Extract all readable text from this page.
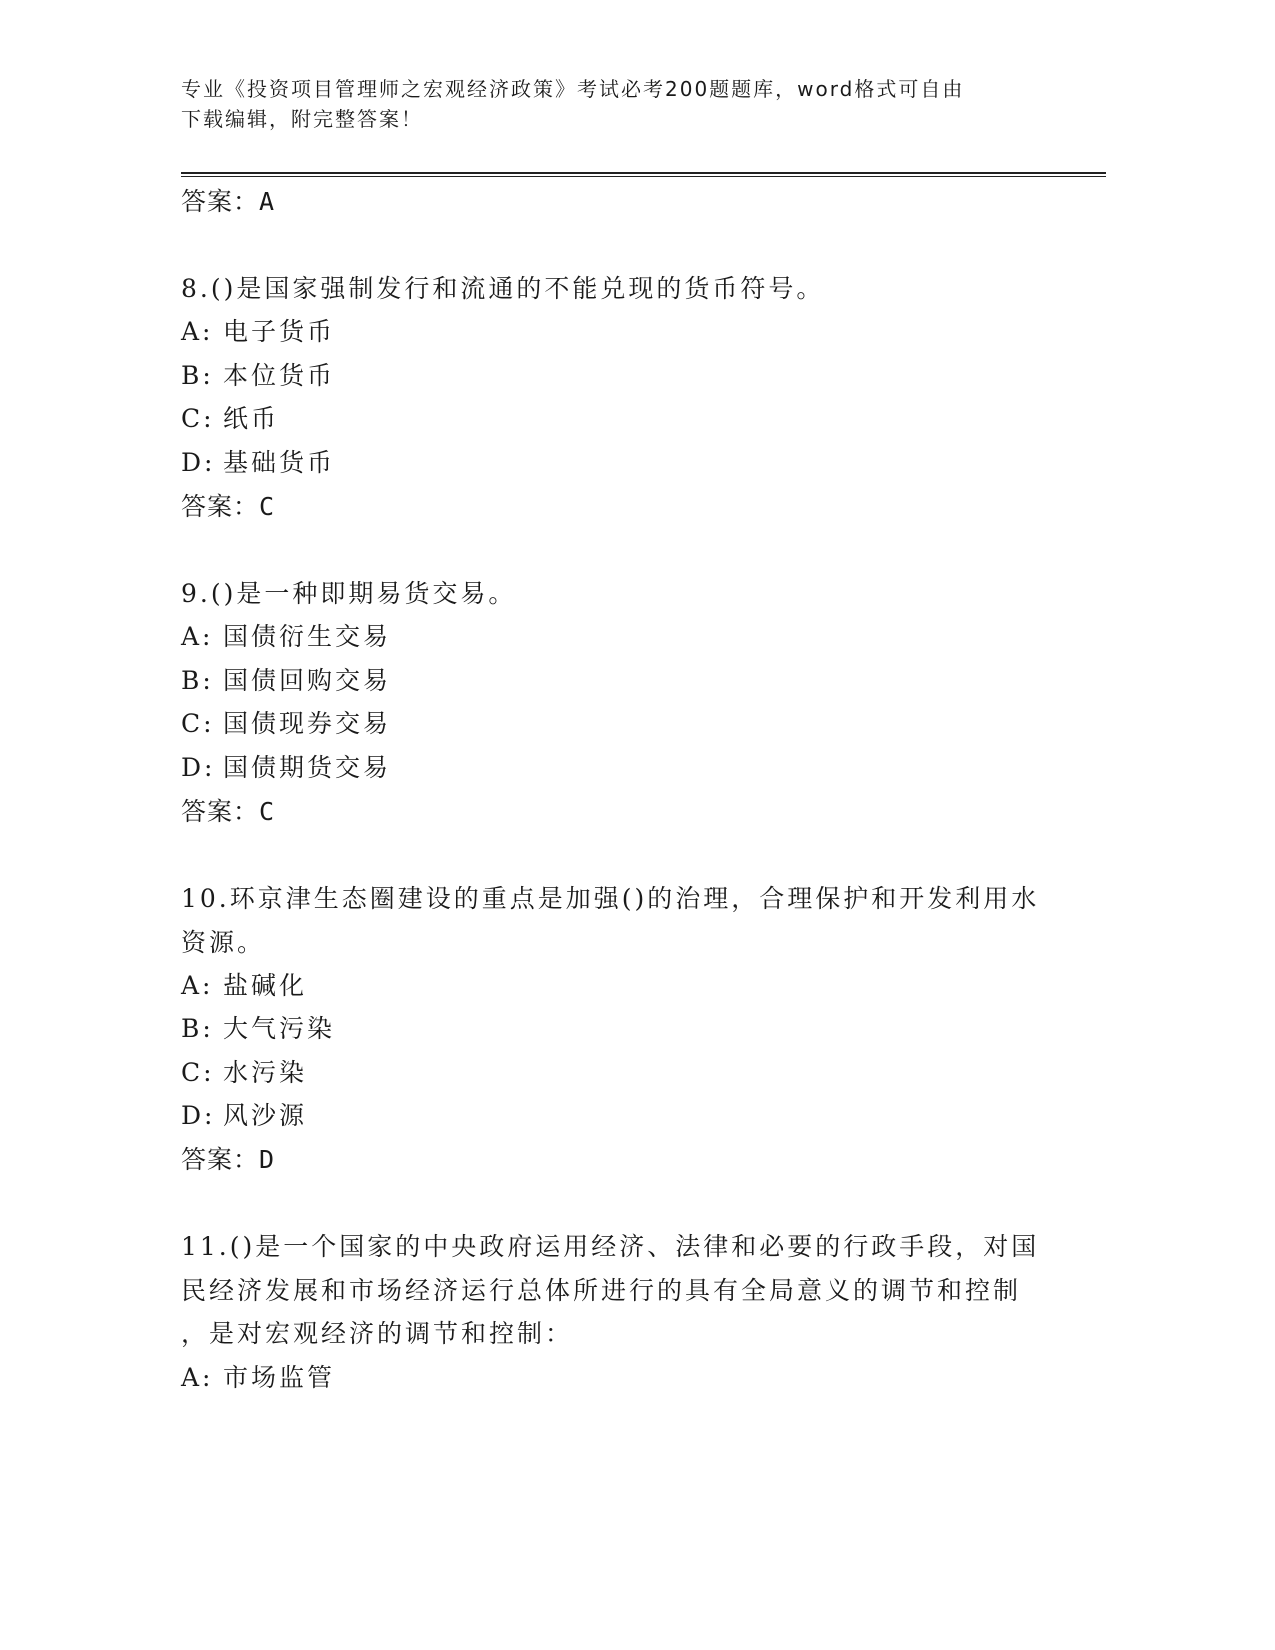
专业《投资项目管理师之宏观经济政策》考试必考200题题库，word格式可自由
下载编辑，附完整答案！
答案：A
8.()是国家强制发行和流通的不能兑现的货币符号。
A: 电子货币
B: 本位货币
C: 纸币
D: 基础货币
答案：C
9.()是一种即期易货交易。
A: 国债衍生交易
B: 国债回购交易
C: 国债现券交易
D: 国债期货交易
答案：C
10.环京津生态圈建设的重点是加强()的治理，合理保护和开发利用水
资源。
A: 盐碱化
B: 大气污染
C: 水污染
D: 风沙源
答案：D
11.()是一个国家的中央政府运用经济、法律和必要的行政手段，对国
民经济发展和市场经济运行总体所进行的具有全局意义的调节和控制
，是对宏观经济的调节和控制：
A: 市场监管
